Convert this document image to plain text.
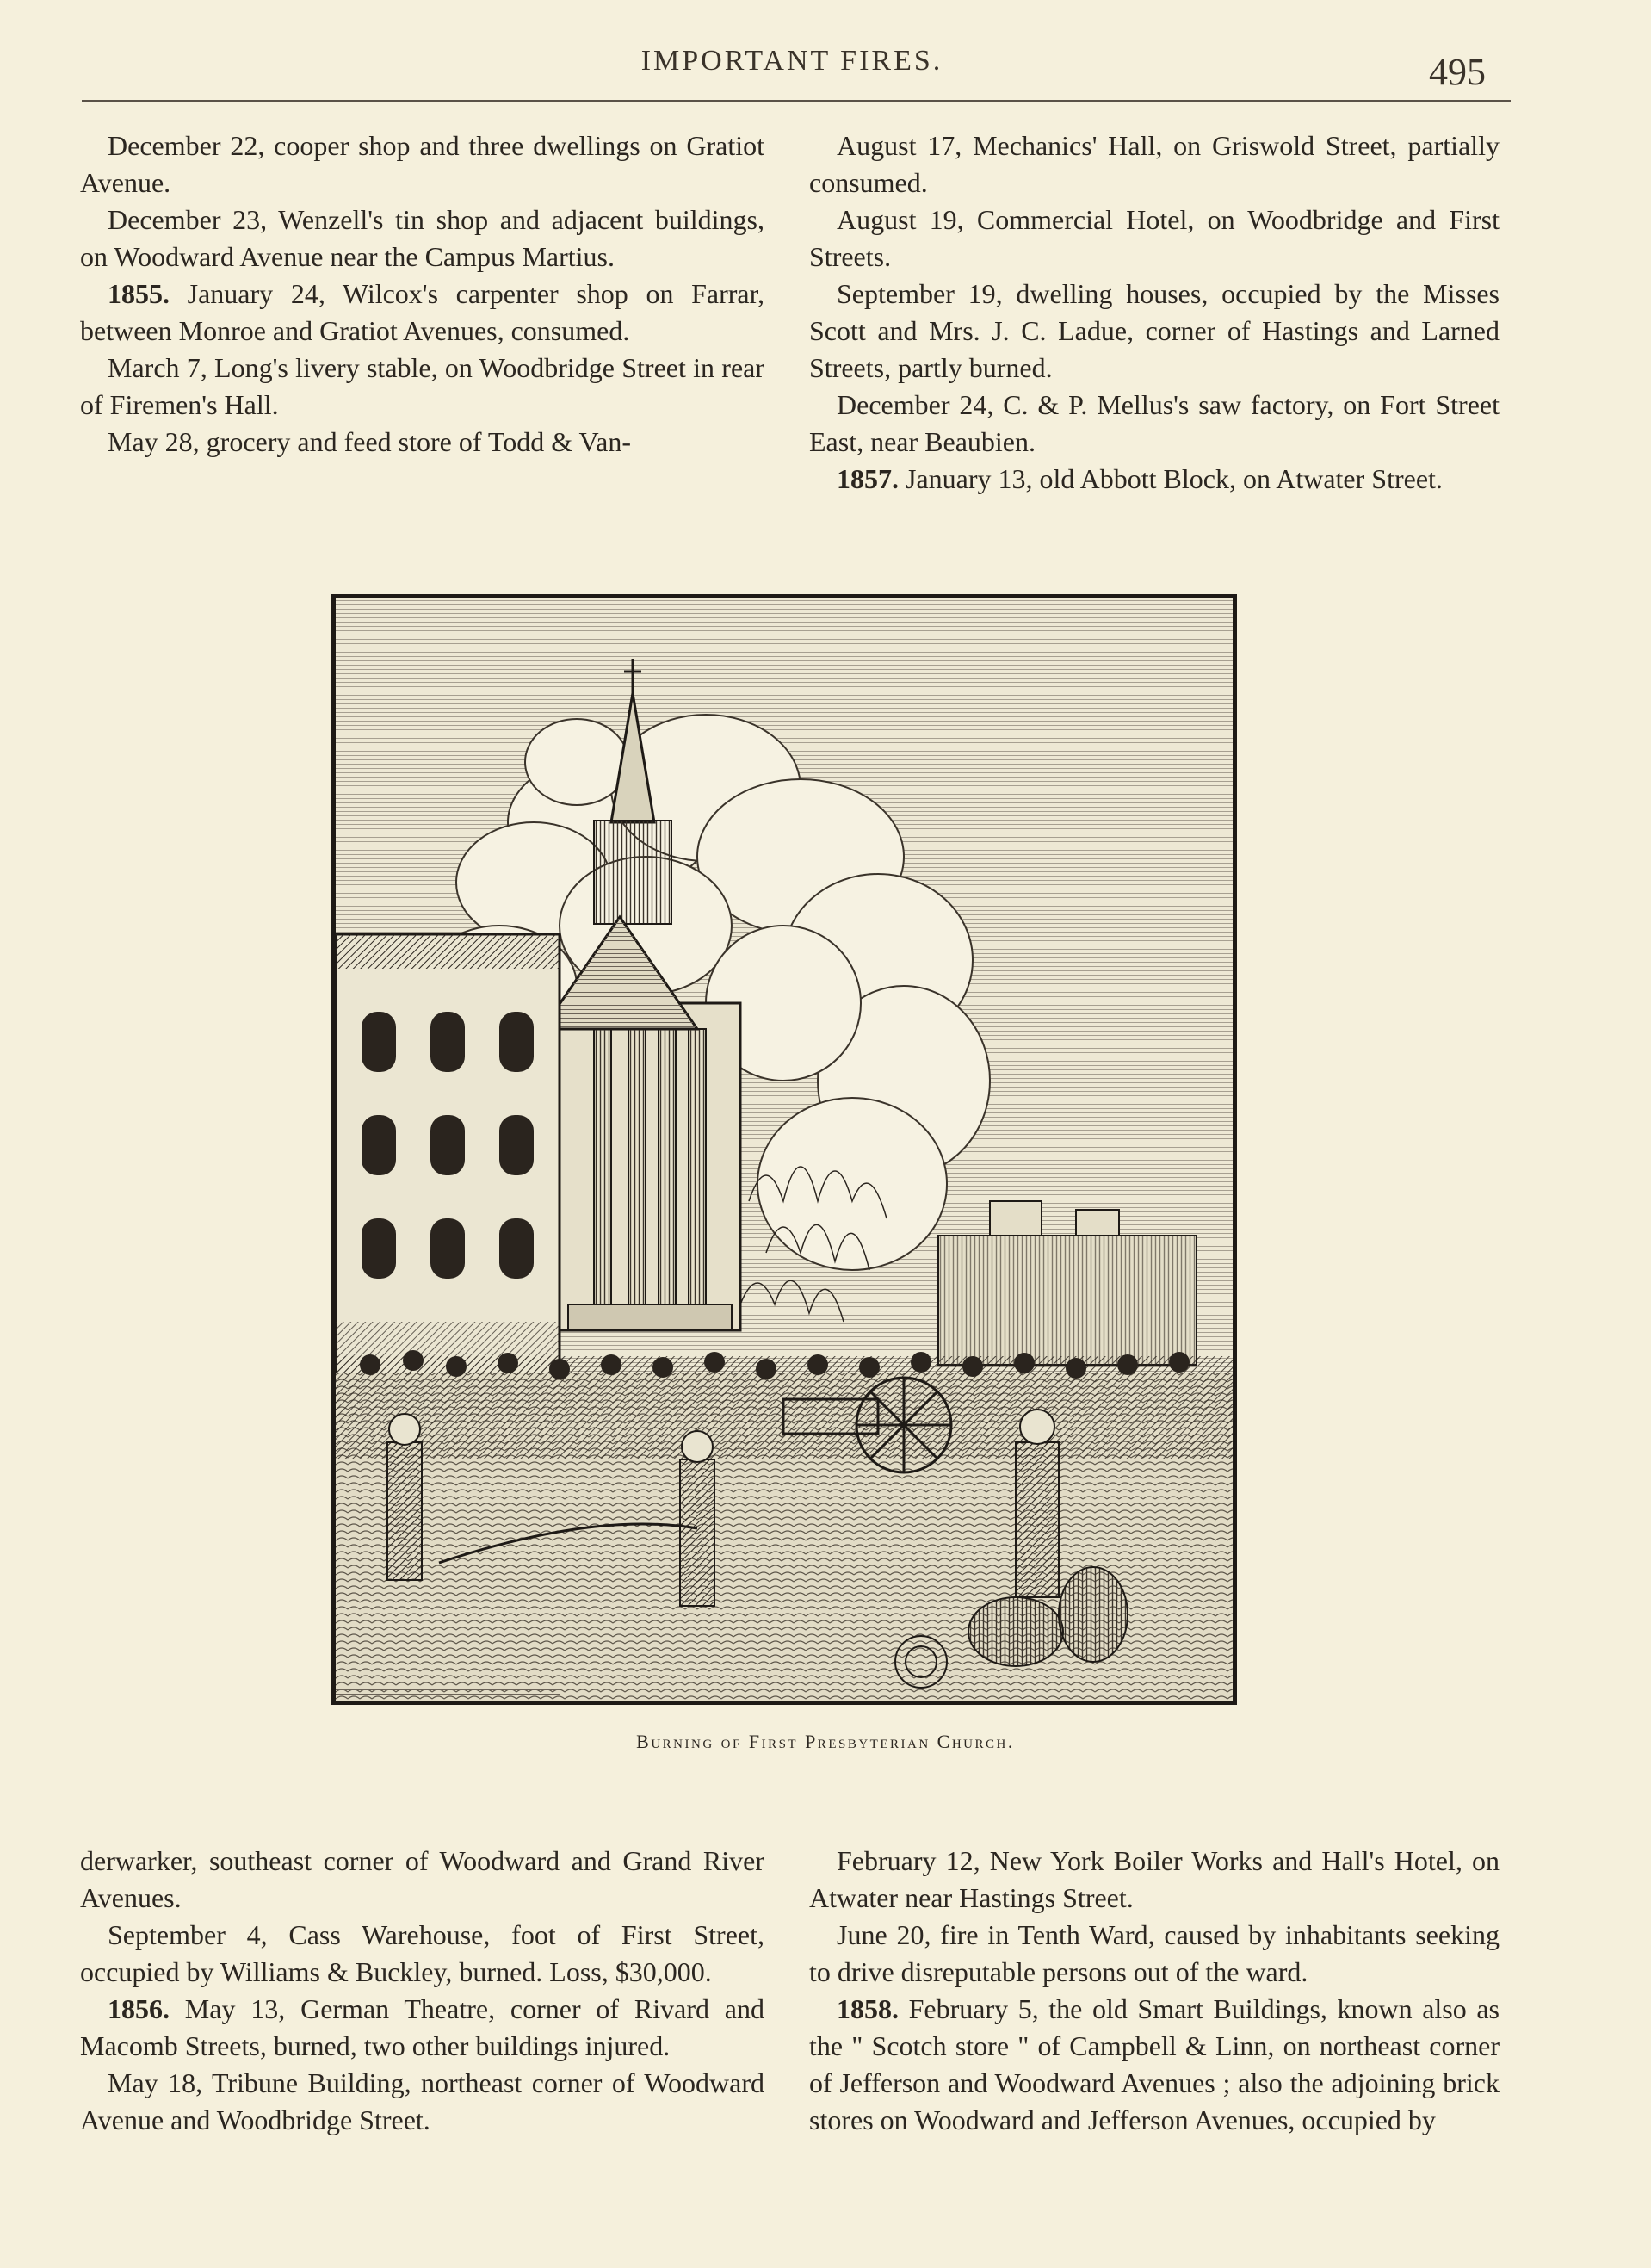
IMPORTANT FIRES.	495

December 22, cooper shop and three dwellings on Gratiot Avenue.

December 23, Wenzell's tin shop and adjacent buildings, on Woodward Avenue near the Campus Martius.

1855. January 24, Wilcox's carpenter shop on Farrar, between Monroe and Gratiot Avenues, consumed.

March 7, Long's livery stable, on Woodbridge Street in rear of Firemen's Hall.

May 28, grocery and feed store of Todd & Van-

August 17, Mechanics' Hall, on Griswold Street, partially consumed.

August 19, Commercial Hotel, on Woodbridge and First Streets.

September 19, dwelling houses, occupied by the Misses Scott and Mrs. J. C. Ladue, corner of Hastings and Larned Streets, partly burned.

December 24, C. & P. Mellus's saw factory, on Fort Street East, near Beaubien.

1857. January 13, old Abbott Block, on Atwater Street.

Burning of First Presbyterian Church.

derwarker, southeast corner of Woodward and Grand River Avenues.

September 4, Cass Warehouse, foot of First Street, occupied by Williams & Buckley, burned. Loss, $30,000.

1856. May 13, German Theatre, corner of Rivard and Macomb Streets, burned, two other buildings injured.

May 18, Tribune Building, northeast corner of Woodward Avenue and Woodbridge Street.

February 12, New York Boiler Works and Hall's Hotel, on Atwater near Hastings Street.

June 20, fire in Tenth Ward, caused by inhabitants seeking to drive disreputable persons out of the ward.

1858. February 5, the old Smart Buildings, known also as the " Scotch store " of Campbell & Linn, on northeast corner of Jefferson and Woodward Avenues ; also the adjoining brick stores on Woodward and Jefferson Avenues, occupied by
